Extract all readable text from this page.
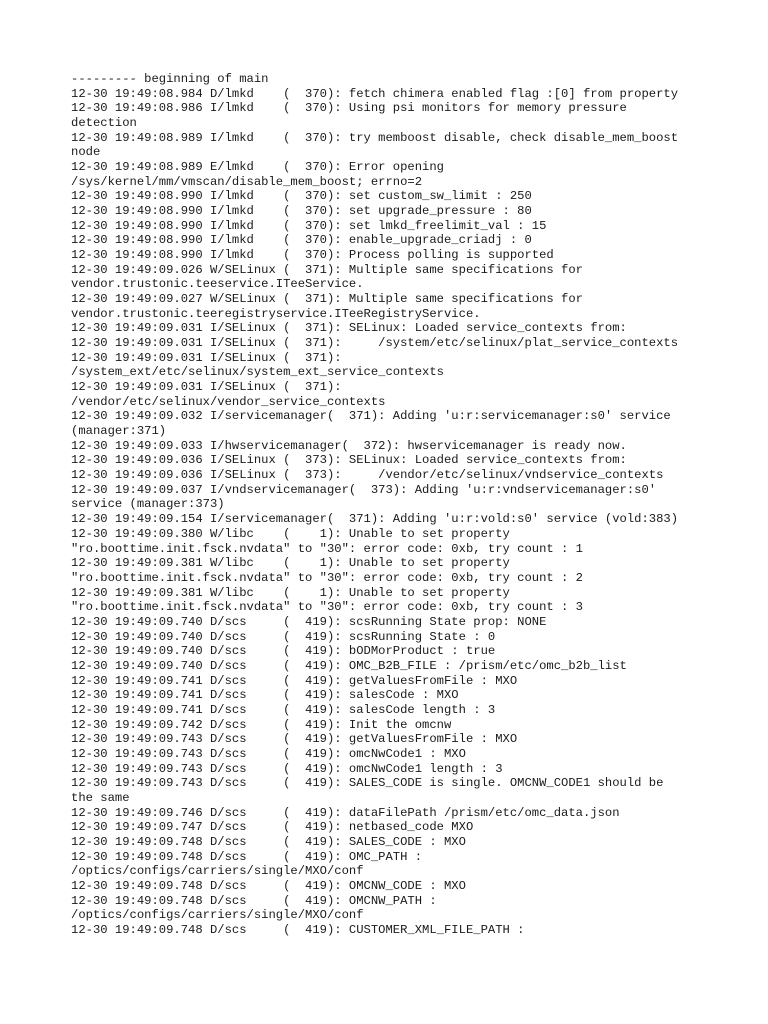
--------- beginning of main
12-30 19:49:08.984 D/lmkd    (  370): fetch chimera enabled flag :[0] from property
12-30 19:49:08.986 I/lmkd    (  370): Using psi monitors for memory pressure
detection
12-30 19:49:08.989 I/lmkd    (  370): try memboost disable, check disable_mem_boost
node
12-30 19:49:08.989 E/lmkd    (  370): Error opening
/sys/kernel/mm/vmscan/disable_mem_boost; errno=2
12-30 19:49:08.990 I/lmkd    (  370): set custom_sw_limit : 250
12-30 19:49:08.990 I/lmkd    (  370): set upgrade_pressure : 80
12-30 19:49:08.990 I/lmkd    (  370): set lmkd_freelimit_val : 15
12-30 19:49:08.990 I/lmkd    (  370): enable_upgrade_criadj : 0
12-30 19:49:08.990 I/lmkd    (  370): Process polling is supported
12-30 19:49:09.026 W/SELinux (  371): Multiple same specifications for
vendor.trustonic.teeservice.ITeeService.
12-30 19:49:09.027 W/SELinux (  371): Multiple same specifications for
vendor.trustonic.teeregistryservice.ITeeRegistryService.
12-30 19:49:09.031 I/SELinux (  371): SELinux: Loaded service_contexts from:
12-30 19:49:09.031 I/SELinux (  371):     /system/etc/selinux/plat_service_contexts
12-30 19:49:09.031 I/SELinux (  371):
/system_ext/etc/selinux/system_ext_service_contexts
12-30 19:49:09.031 I/SELinux (  371):
/vendor/etc/selinux/vendor_service_contexts
12-30 19:49:09.032 I/servicemanager(  371): Adding 'u:r:servicemanager:s0' service
(manager:371)
12-30 19:49:09.033 I/hwservicemanager(  372): hwservicemanager is ready now.
12-30 19:49:09.036 I/SELinux (  373): SELinux: Loaded service_contexts from:
12-30 19:49:09.036 I/SELinux (  373):     /vendor/etc/selinux/vndservice_contexts
12-30 19:49:09.037 I/vndservicemanager(  373): Adding 'u:r:vndservicemanager:s0'
service (manager:373)
12-30 19:49:09.154 I/servicemanager(  371): Adding 'u:r:vold:s0' service (vold:383)
12-30 19:49:09.380 W/libc    (    1): Unable to set property
"ro.boottime.init.fsck.nvdata" to "30": error code: 0xb, try count : 1
12-30 19:49:09.381 W/libc    (    1): Unable to set property
"ro.boottime.init.fsck.nvdata" to "30": error code: 0xb, try count : 2
12-30 19:49:09.381 W/libc    (    1): Unable to set property
"ro.boottime.init.fsck.nvdata" to "30": error code: 0xb, try count : 3
12-30 19:49:09.740 D/scs     (  419): scsRunning State prop: NONE
12-30 19:49:09.740 D/scs     (  419): scsRunning State : 0
12-30 19:49:09.740 D/scs     (  419): bODMorProduct : true
12-30 19:49:09.740 D/scs     (  419): OMC_B2B_FILE : /prism/etc/omc_b2b_list
12-30 19:49:09.741 D/scs     (  419): getValuesFromFile : MXO
12-30 19:49:09.741 D/scs     (  419): salesCode : MXO
12-30 19:49:09.741 D/scs     (  419): salesCode length : 3
12-30 19:49:09.742 D/scs     (  419): Init the omcnw
12-30 19:49:09.743 D/scs     (  419): getValuesFromFile : MXO
12-30 19:49:09.743 D/scs     (  419): omcNwCode1 : MXO
12-30 19:49:09.743 D/scs     (  419): omcNwCode1 length : 3
12-30 19:49:09.743 D/scs     (  419): SALES_CODE is single. OMCNW_CODE1 should be
the same
12-30 19:49:09.746 D/scs     (  419): dataFilePath /prism/etc/omc_data.json
12-30 19:49:09.747 D/scs     (  419): netbased_code MXO
12-30 19:49:09.748 D/scs     (  419): SALES_CODE : MXO
12-30 19:49:09.748 D/scs     (  419): OMC_PATH :
/optics/configs/carriers/single/MXO/conf
12-30 19:49:09.748 D/scs     (  419): OMCNW_CODE : MXO
12-30 19:49:09.748 D/scs     (  419): OMCNW_PATH :
/optics/configs/carriers/single/MXO/conf
12-30 19:49:09.748 D/scs     (  419): CUSTOMER_XML_FILE_PATH :
